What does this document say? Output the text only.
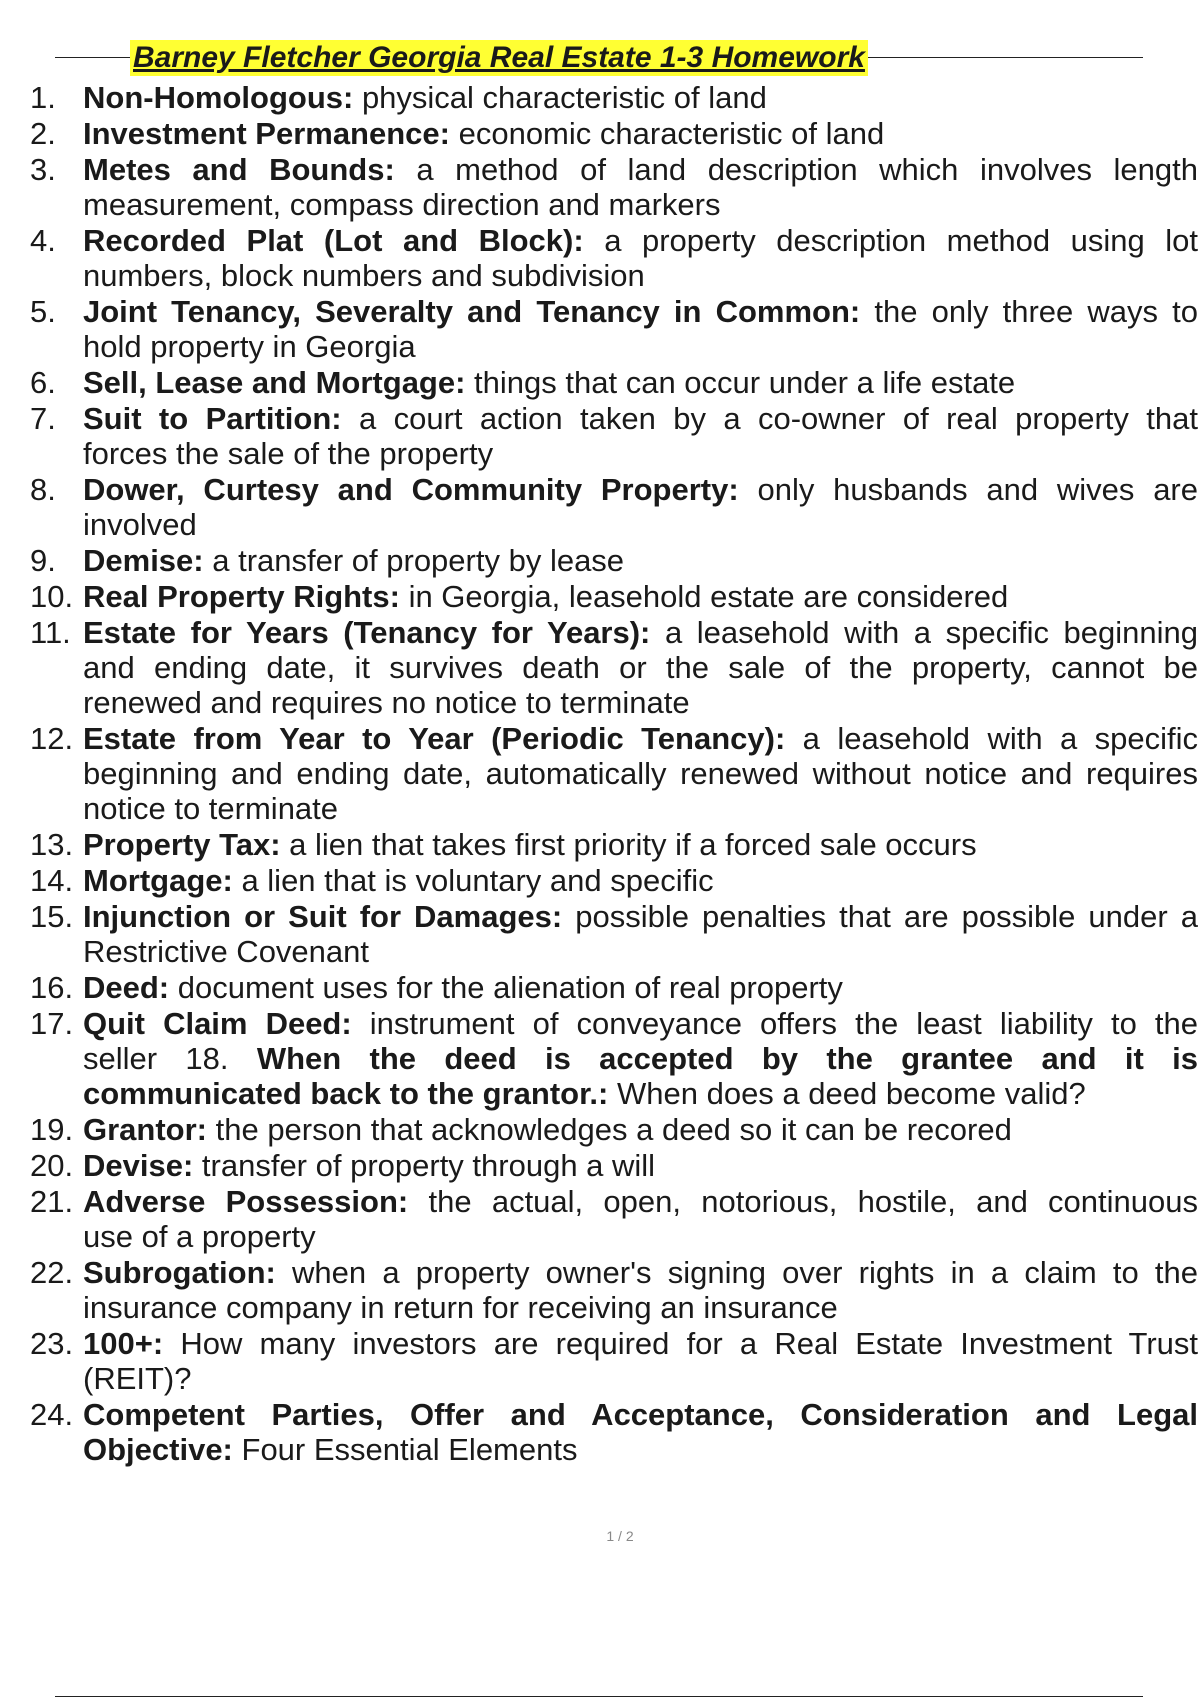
Barney Fletcher Georgia Real Estate 1-3 Homework
1. Non-Homologous: physical characteristic of land
2. Investment Permanence: economic characteristic of land
3. Metes and Bounds: a method of land description which involves length
measurement, compass direction and markers
4. Recorded Plat (Lot and Block): a property description method using lot
numbers, block numbers and subdivision
5. Joint Tenancy, Severalty and Tenancy in Common: the only three ways to
hold property in Georgia
6. Sell, Lease and Mortgage: things that can occur under a life estate
7. Suit to Partition: a court action taken by a co-owner of real property that
forces the sale of the property
8. Dower, Curtesy and Community Property: only husbands and wives are
involved
9. Demise: a transfer of property by lease
10. Real Property Rights: in Georgia, leasehold estate are considered
11. Estate for Years (Tenancy for Years): a leasehold with a specific beginning
and ending date, it survives death or the sale of the property, cannot be
renewed and requires no notice to terminate
12. Estate from Year to Year (Periodic Tenancy): a leasehold with a specific
beginning and ending date, automatically renewed without notice and requires
notice to terminate
13. Property Tax: a lien that takes first priority if a forced sale occurs
14. Mortgage: a lien that is voluntary and specific
15. Injunction or Suit for Damages: possible penalties that are possible under a
Restrictive Covenant
16. Deed: document uses for the alienation of real property
17. Quit Claim Deed: instrument of conveyance offers the least liability to the
seller 18. When the deed is accepted by the grantee and it is
communicated back to the grantor.: When does a deed become valid?
19. Grantor: the person that acknowledges a deed so it can be recored
20. Devise: transfer of property through a will
21. Adverse Possession: the actual, open, notorious, hostile, and continuous
use of a property
22. Subrogation: when a property owner's signing over rights in a claim to the
insurance company in return for receiving an insurance
23. 100+: How many investors are required for a Real Estate Investment Trust
(REIT)?
24. Competent Parties, Offer and Acceptance, Consideration and Legal
Objective: Four Essential Elements
1 / 2
